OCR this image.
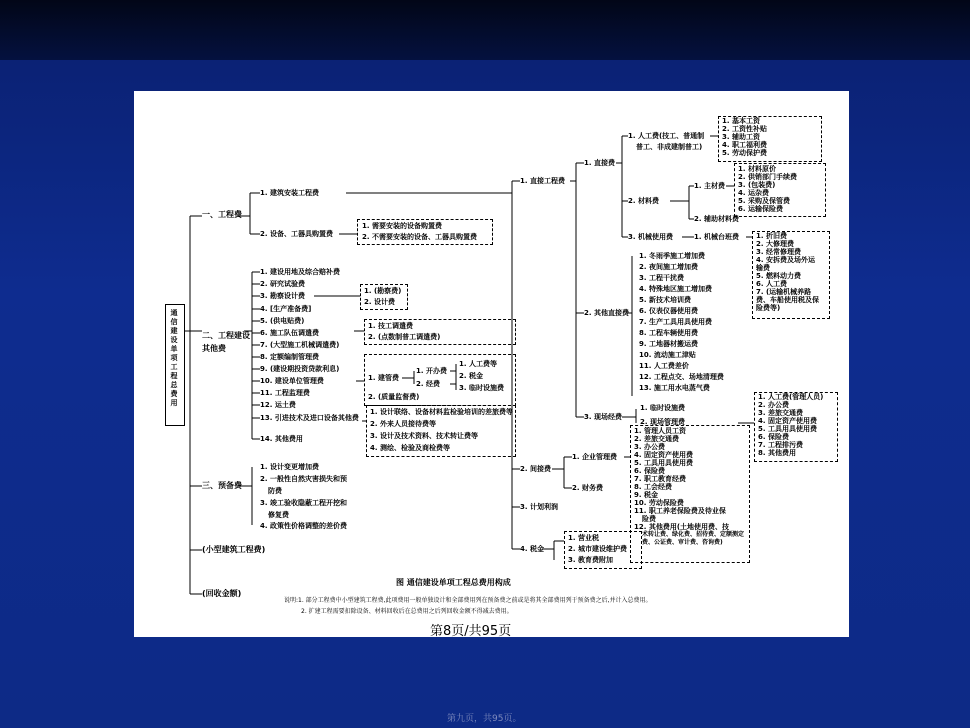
通信建设单项工程总费用
一、工程费
二、工程建设其他费
三、预备费
(小型建筑工程费)
(回收金额)
1. 建筑安装工程费
2. 设备、工器具购置费
1. 需要安装的设备购置费
2. 不需要安装的设备、工器具购置费
1. 建设用地及综合赔补费
2. 研究试验费
3. 勘察设计费
4. [生产准备费]
5. (供电贴费)
6. 施工队伍调遣费
7. (大型施工机械调遣费)
8. 定额编制管理费
9. (建设期投资贷款利息)
10. 建设单位管理费
11. 工程监理费
12. 运土费
13. 引进技术及进口设备其他费
14. 其他费用
1. (勘察费)
2. 设计费
1. 技工调遣费
2. (点数制普工调遣费)
1. 建管费
1. 开办费
2. 经费
1. 人工费等
2. 税金
3. 临时设施费
2. (质量监督费)
1. 设计联络、设备材料监检验培训的差旅费等
2. 外来人员接待费等
3. 设计及技术资料、技术转让费等
4. 测绘、检验及商检费等
1. 设计变更增加费
2. 一般性自然灾害损失和预
防费
3. 竣工验收隐蔽工程开挖和
修复费
4. 政策性价格调整的差价费
1. 直接工程费
2. 间接费
3. 计划利润
4. 税金
1. 直接费
2. 其他直接费
3. 现场经费
1. 人工费(技工、普通制
普工、非成建制普工)
2. 材料费
3. 机械使用费
1. 基本工资
2. 工资性补贴
3. 辅助工资
4. 职工福利费
5. 劳动保护费
1. 主材费
2. 辅助材料费
1. 材料原价
2. 供销部门手续费
3. (包装费)
4. 运杂费
5. 采购及保管费
6. 运输保险费
1. 机械台班费 1. 折旧费
2. 大修理费
3. 经常修理费
4. 安拆费及场外运
输费
5. 燃料动力费
6. 人工费
7. (运输机械养路
费、车船使用税及保
险费等)
1. 冬雨季施工增加费
2. 夜间施工增加费
3. 工程干扰费
4. 特殊地区施工增加费
5. 新技术培训费
6. 仪表仪器使用费
7. 生产工具用具使用费
8. 工程车辆使用费
9. 工地器材搬运费
10. 流动施工津贴
11. 人工费差价
12. 工程点交、场地清理费
13. 施工用水电蒸气费
1. 临时设施费
2. 现场管理费
1. 人工费(管理人员)
2. 办公费
3. 差旅交通费
4. 固定资产使用费
5. 工具用具使用费
6. 保险费
7. 工程排污费
8. 其他费用
1. 企业管理费
2. 财务费
1. 管理人员工资
2. 差旅交通费
3. 办公费
4. 固定资产使用费
5. 工具用具使用费
6. 保险费
7. 职工教育经费
8. 工会经费
9. 税金
10. 劳动保险费
11. 职工养老保险费及待业保
险费
12. 其他费用(土地使用费、技
术转让费、绿化费、招待费、定额测定
费、公证费、审计费、咨询费)
1. 营业税
2. 城市建设维护费
3. 教育费附加
图 通信建设单项工程总费用构成
说明:1. 部分工程费中小型建筑工程费,此项费用一般单独设计和全部费用列在预备费之前或是将其全部费用列于预备费之后,并计入总费用。
2. 扩建工程需要扣除设备、材料回收后在总费用之后列回收金额不得减去费用。
第8页/共95页
第九页，共95页。
